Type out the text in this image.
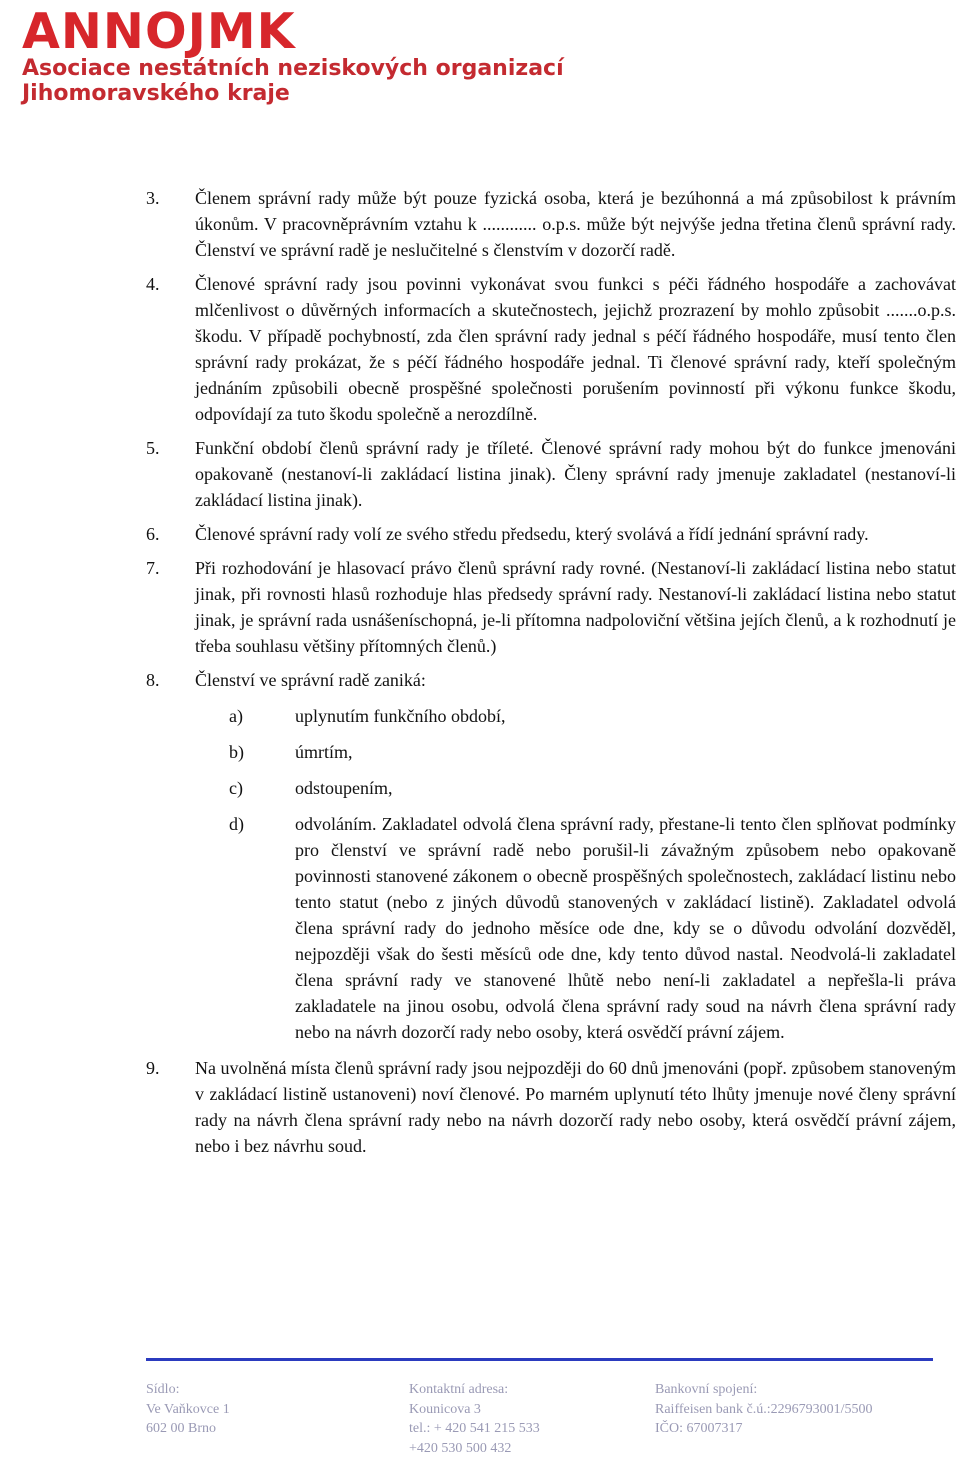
ANNOJMK
Asociace nestátních neziskových organizací
Jihomoravského kraje
3. Členem správní rady může být pouze fyzická osoba, která je bezúhonná a má způsobilost k právním úkonům. V pracovněprávním vztahu k ............ o.p.s. může být nejvýše jedna třetina členů správní rady. Členství ve správní radě je neslučitelné s členstvím v dozorčí radě.
4. Členové správní rady jsou povinni vykonávat svou funkci s péči řádného hospodáře a zachovávat mlčenlivost o důvěrných informacích a skutečnostech, jejichž prozrazení by mohlo způsobit .......o.p.s. škodu. V případě pochybností, zda člen správní rady jednal s péčí řádného hospodáře, musí tento člen správní rady prokázat, že s péčí řádného hospodáře jednal. Ti členové správní rady, kteří společným jednáním způsobili obecně prospěšné společnosti porušením povinností při výkonu funkce škodu, odpovídají za tuto škodu společně a nerozdílně.
5. Funkční období členů správní rady je tříleté. Členové správní rady mohou být do funkce jmenováni opakovaně (nestanoví-li zakládací listina jinak). Členy správní rady jmenuje zakladatel (nestanoví-li zakládací listina jinak).
6. Členové správní rady volí ze svého středu předsedu, který svolává a řídí jednání správní rady.
7. Při rozhodování je hlasovací právo členů správní rady rovné. (Nestanoví-li zakládací listina nebo statut jinak, při rovnosti hlasů rozhoduje hlas předsedy správní rady. Nestanoví-li zakládací listina nebo statut jinak, je správní rada usnášeníschopná, je-li přítomna nadpoloviční většina jejích členů, a k rozhodnutí je třeba souhlasu většiny přítomných členů.)
8. Členství ve správní radě zaniká:
a)	uplynutím funkčního období,
b)	úmrtím,
c)	odstoupením,
d)	odvoláním. Zakladatel odvolá člena správní rady, přestane-li tento člen splňovat podmínky pro členství ve správní radě nebo porušil-li závažným způsobem nebo opakovaně povinnosti stanovené zákonem o obecně prospěšných společnostech, zakládací listinu nebo tento statut (nebo z jiných důvodů stanovených v zakládací listině). Zakladatel odvolá člena správní rady do jednoho měsíce ode dne, kdy se o důvodu odvolání dozvěděl, nejpozději však do šesti měsíců ode dne, kdy tento důvod nastal. Neodvolá-li zakladatel člena správní rady ve stanovené lhůtě nebo není-li zakladatel a nepřešla-li práva zakladatele na jinou osobu, odvolá člena správní rady soud na návrh člena správní rady nebo na návrh dozorčí rady nebo osoby, která osvědčí právní zájem.
9. Na uvolněná místa členů správní rady jsou nejpozději do 60 dnů jmenováni (popř. způsobem stanoveným v zakládací listině ustanoveni) noví členové. Po marném uplynutí této lhůty jmenuje nové členy správní rady na návrh člena správní rady nebo na návrh dozorčí rady nebo osoby, která osvědčí právní zájem, nebo i bez návrhu soud.
Sídlo:
Ve Vaňkovce 1
602 00 Brno
Kontaktní adresa:
Kounicova 3
tel.: + 420 541 215 533
+420 530 500 432
Bankovní spojení:
Raiffeisen bank č.ú.:2296793001/5500
IČO: 67007317
